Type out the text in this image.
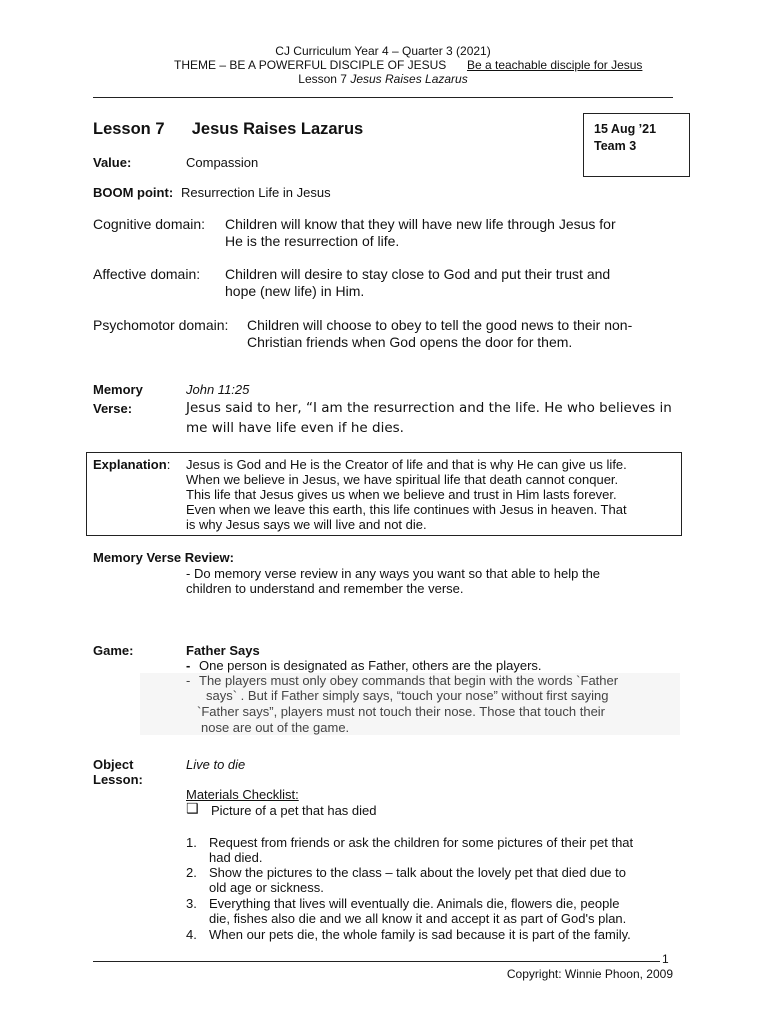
CJ Curriculum Year 4 – Quarter 3 (2021)
THEME – BE A POWERFUL DISCIPLE OF JESUS Be a teachable disciple for Jesus
Lesson 7 Jesus Raises Lazarus
Lesson 7 Jesus Raises Lazarus	15 Aug ’21
Team 3
Value:	Compassion
BOOM point: Resurrection Life in Jesus
Cognitive domain: Children will know that they will have new life through Jesus for
He is the resurrection of life.
Affective domain: Children will desire to stay close to God and put their trust and
hope (new life) in Him.
Psychomotor domain: Children will choose to obey to tell the good news to their non-
Christian friends when God opens the door for them.
Memory
Verse:
John 11:25
Jesus said to her, “I am the resurrection and the life. He who believes in
me will have life even if he dies.
Explanation: Jesus is God and He is the Creator of life and that is why He can give us life.
When we believe in Jesus, we have spiritual life that death cannot conquer.
This life that Jesus gives us when we believe and trust in Him lasts forever.
Even when we leave this earth, this life continues with Jesus in heaven. That
is why Jesus says we will live and not die.
Memory Verse Review:
- Do memory verse review in any ways you want so that able to help the
children to understand and remember the verse.
Game:	Father Says
- One person is designated as Father, others are the players.
- The players must only obey commands that begin with the words `Father
says` . But if Father simply says, “touch your nose” without first saying
`Father says”, players must not touch their nose. Those that touch their
nose are out of the game.
Object
Lesson:
Live to die
Materials Checklist:
❑ Picture of a pet that has died
1. Request from friends or ask the children for some pictures of their pet that
had died.
2. Show the pictures to the class – talk about the lovely pet that died due to
old age or sickness.
3. Everything that lives will eventually die. Animals die, flowers die, people
die, fishes also die and we all know it and accept it as part of God's plan.
4. When our pets die, the whole family is sad because it is part of the family.
1
Copyright: Winnie Phoon, 2009
